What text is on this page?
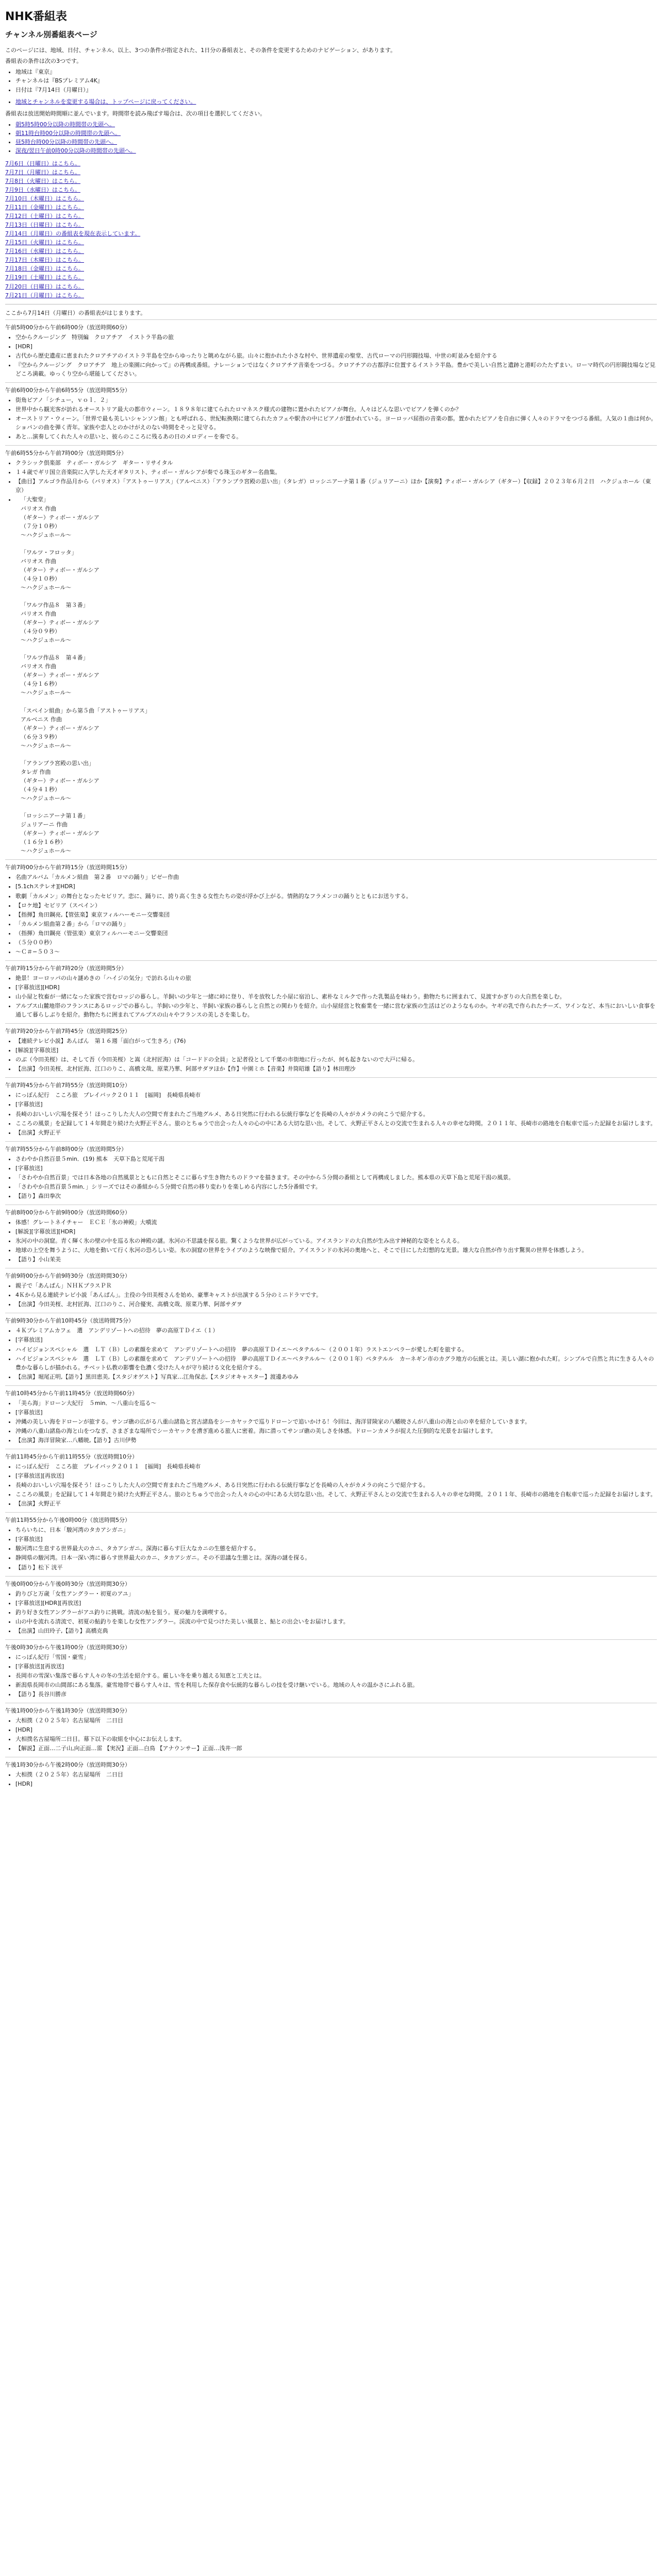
NHK番組表
チャンネル別番組表ページ

このページには、地域、日付、チャンネル、以上、3つの条件が指定された、1日分の番組表と、その条件を変更するためのナビゲーション、があります。

番組表の条件は次の3つです。

• 地域は『東京』
• チャンネルは『BSプレミアム4K』
• 日付は『7月14日（月曜日）』
• 地域とチャンネルを変更する場合は、トップページに戻ってください。

番組表は放送開始時間順に並んでいます。時間帯を読み飛ばす場合は、次の項目を選択してください。

• 朝5時5時00分以降の時間帯の先頭へ。
• 朝11時台時00分以降の時間帯の先頭へ。
• 昼5時台時00分以降の時間帯の先頭へ。
• 深夜/翌日午前0時00分以降の時間帯の先頭へ。
7月6日（日曜日）はこちら。
7月7日（月曜日）はこちら。
7月8日（火曜日）はこちら。
7月9日（水曜日）はこちら。
7月10日（木曜日）はこちら。
7月11日（金曜日）はこちら。
7月12日（土曜日）はこちら。
7月13日（日曜日）はこちら。
7月14日（月曜日）の番組表を現在表示しています。
7月15日（火曜日）はこちら。
7月16日（水曜日）はこちら。
7月17日（木曜日）はこちら。
7月18日（金曜日）はこちら。
7月19日（土曜日）はこちら。
7月20日（日曜日）はこちら。
7月21日（月曜日）はこちら。

ここから7月14日（月曜日）の番組表がはじまります。

午前5時00分から午前6時00分（放送時間60分）
• 空からクルージング　特別編　クロアチア　イストラ半島の旅
• [HDR]
• 古代から歴史遺産に恵まれたクロアチアのイストラ半島を空からゆったりと眺めながら旅。山々に抱かれた小さな村や、世界遺産の聖堂、古代ローマの円形闘技場、中世の町並みを紹介する
• 『空からクルージング　クロアチア　地上の楽園に向かって』の再構成番組。ナレーションではなくクロアチア音楽をつづる。クロアチアの古都浮に位置するイストラ半島。豊かで美しい自然と遺跡と港町のたたずまい。ローマ時代の円形闘技場など見どころ満載。ゆっくり空から堪能してください。
午前6時00分から午前6時55分（放送時間55分）
• 街角ピアノ「シチュー，ｖｏｌ．２」
• 世界中から観光客が訪れるオーストリア最大の都市ウィーン。１８９８年に建てられたロマネスク様式の建物に置かれたピアノが舞台。人々はどんな思いでピアノを弾くのか？
• オーストリア・ウィーン。「世界で最も美しいシャンソン館」とも呼ばれる、世紀転換期に建てられたカフェや駅舎の中にピアノが置かれている。ヨーロッパ屈指の音楽の都。置かれたピアノを自由に弾く人々のドラマをつづる番組。人気の１曲は何か。ショパンの曲を弾く青年。家族や恋人とのかけがえのない時間をそっと見守る。
• あと…演奏してくれた人々の思いと、彼らのこころに残るあの日のメロディーを奏でる。
午前6時55分から午前7時00分（放送時間5分）
• クラシック倶楽部　ティボー・ガルシア　ギター・リサイタル
• １４歳でギリ国立音楽院に入学した天才ギタリスト、ティボー・ガルシアが奏でる珠玉のギター名曲集。
• 【曲目】アルゴラ作品月から（バリオス）「アストゥーリアス」（アルベニス）「アランブラ宮殿の思い出」（タレガ）ロッシニアーナ第１番（ジュリアーニ）ほか【演奏】ティボー・ガルシア（ギター）【収録】２０２３年６月２日　ハクジュホール（東京）
• 「大聖堂」
バリオス 作曲
（ギター）ティボー・ガルシア
（７分１０秒）
〜ハクジュホール〜

「ワルツ・フロッタ」
バリオス 作曲
（ギター）ティボー・ガルシア
（４分１０秒）
〜ハクジュホール〜

「ワルツ作品８　第３番」
バリオス 作曲
（ギター）ティボー・ガルシア
（４分０９秒）
〜ハクジュホール〜

「ワルツ作品８　第４番」
バリオス 作曲
（ギター）ティボー・ガルシア
（４分１６秒）
〜ハクジュホール〜

「スペイン組曲」から第５曲「アストゥーリアス」
アルベニス 作曲
（ギター）ティボー・ガルシア
（６分３９秒）
〜ハクジュホール〜

「アランブラ宮殿の思い出」
タレガ 作曲
（ギター）ティボー・ガルシア
（４分４１秒）
〜ハクジュホール〜

「ロッシニアーナ第１番」
ジュリアーニ 作曲
（ギター）ティボー・ガルシア
（１６分１６秒）
〜ハクジュホール〜
午前7時00分から午前7時15分（放送時間15分）
• 名曲アルバム「カルメン組曲　第２番　ロマの踊り」ビゼー作曲
• [5.1chステレオ][HDR]
• 歌劇「カルメン」の舞台となったセビリア。恋に、踊りに、誇り高く生きる女性たちの姿が浮かび上がる。情熱的なフラメンコの踊りとともにお送りする。
• 【ロケ地】セビリア（スペイン）
• 【指揮】角田鋼亮,【管弦楽】東京フィルハーモニー交響楽団
• 「カルメン組曲第２番」から「ロマの踊り」
• （指揮）角田鋼亮（管弦楽）東京フィルハーモニー交響楽団
• （５分００秒）
• 〜Ｃ＃−５０３〜
午前7時15分から午前7時20分（放送時間5分）
• 絶景！ヨーロッパの山々謎めきの「ハイジの気分」で訪れる山々の旅
• [字幕放送][HDR]
• 山小屋と牧畜が一緒になった家族で営むロッジの暮らし。羊飼いの少年と一緒に峠に登り、羊を放牧した小屋に宿泊し、素朴なミルクで作った乳製品を味わう。動物たちに囲まれて、見渡すかぎりの大自然を楽しむ。
• アルプス山麓地帯のフランスにあるロッジでの暮らし。羊飼いの少年と、羊飼い家族の暮らしと自然との関わりを紹介。山小屋経営と牧畜業を一緒に営む家族の生活はどのようなものか。ヤギの乳で作られたチーズ、ワインなど、本当においしい食事を通して暮らしぶりを紹介。動物たちに囲まれてアルプスの山々やフランスの美しさを楽しむ。
午前7時20分から午前7時45分（放送時間25分）
• 【連続テレビ小説】あんぱん　第１６週「面白がって生きろ」(76)
• [解説][字幕放送]
• のぶ（今田美桜）は、そして吾（今田美桜）と嵩（北村匠海）は「コードドの全員」と記者役として千葉の市街地に行ったが、何も起きないので大戸に帰る。
• 【出演】今田美桜、北村匠海、江口のりこ、高橋文哉、原菜乃華、阿部サダヲほか【作】中園ミホ【音楽】井筒昭雄【語り】林田理沙
午前7時45分から午前7時55分（放送時間10分）
• にっぽん紀行　こころ旅　プレイバック２０１１　[福岡]　長崎県長崎市
• [字幕放送]
• 長崎のおいしい穴場を探そう！ほっこりした大人の空間で育まれたご当地グルメ、ある日突然に行われる伝統行事などを長崎の人々がカメラの向こうで紹介する。
• こころの風景」を記録して１４年間走り続けた火野正平さん。旅のとちゅうで出会った人々の心の中にある大切な思い出。そして、火野正平さんとの交流で生まれる人々の幸せな時間。２０１１年、長崎市の路地を自転車で巡った記録をお届けします。
• 【出演】火野正平
午前7時55分から午前8時00分（放送時間5分）
• さわやか自然百景５min．(19) 熊本　天草下島と荒尾干潟
• [字幕放送]
• 「さわやか自然百景」では日本各地の自然風景とともに自然とそこに暮らす生き物たちのドラマを描きます。その中から５分間の番組として再構成しました。熊本県の天草下島と荒尾干潟の風景。
• 「さわやか自然百景５min．」シリーズではその番組から５分間で自然の移り変わりを楽しめる内容にした5分番組です。
• 【語り】森田拳次
午前8時00分から午前9時00分（放送時間60分）
• 体感！グレートネイチャー　ＥＣＥ「氷の神殿」大噴流
• [解説][字幕放送][HDR]
• 氷河の中の洞窟。青く輝く氷の壁の中を巡る氷の神殿の謎。氷河の不思議を探る旅。驚くような世界が広がっている。アイスランドの大自然が生み出す神秘的な姿をとらえる。
• 地球の上空を舞うように、大地を動いて行く氷河の恐ろしい姿。氷の洞窟の世界をライブのような映像で紹介。アイスランドの氷河の奥地へと、そこで目にした幻想的な光景。雄大な自然が作り出す驚異の世界を体感しよう。
• 【語り】小山茉美
午前9時00分から午前9時30分（放送時間30分）
• 親子で「あんぱん」ＮＨＫプラスＰＲ
• 4Ｋから見る連続テレビ小説「あんぱん」。主役の今田美桜さんを始め、豪華キャストが出演する５分のミニドラマです。
• 【出演】今田美桜、北村匠海、江口のりこ、河合優実、高橋文哉、原菜乃華、阿部サダヲ
午前9時30分から午前10時45分（放送時間75分）
• ４Ｋプレミアムカフェ　選　アンデリゾートへの招待　夢の高原ＴＤイエ（１）
• [字幕放送]
• ハイビジョンスペシャル　選　ＬＴ（Ｂ）しの素顔を求めて　アンデリゾートへの招待　夢の高原ＴＤイエ〜ペタテルル〜（２００１年）ラストエンペラーが愛した町を旅する。
• ハイビジョンスペシャル　選　ＬＴ（Ｂ）しの素顔を求めて　アンデリゾートへの招待　夢の高原ＴＤイエ〜ペタテルル〜（２００１年）ペタテルル　カーネギン市のカグラ地方の伝統とは。美しい湖に抱かれた町。シンプルで自然と共に生きる人々の豊かな暮らしが描かれる。チベット仏教の影響を色濃く受けた人々が守り続ける文化を紹介する。
• 【出演】堀尾正明,【語り】黒田恵美,【スタジオゲスト】写真家…江角保志,【スタジオキャスター】渡邊あゆみ
午前10時45分から午前11時45分（放送時間60分）
• 「美ら海」ドローン大紀行　５min．〜八重山を巡る〜
• [字幕放送]
• 沖縄の美しい海をドローンが旅する。サンゴ礁の広がる八重山諸島と宮古諸島をシーカヤックで巡りドローンで追いかける！今回は、海洋冒険家の八幡暁さんが八重山の海と山の幸を紹介していきます。
• 沖縄の八重山諸島の海と山をつなぎ、さまざまな場所でシーカヤックを漕ぎ進める旅人に密着。海に潜ってサンゴ礁の美しさを体感。ドローンカメラが捉えた圧倒的な光景をお届けします。
• 【出演】海洋冒険家…八幡暁,【語り】古川伊勢
午前11時45分から午前11時55分（放送時間10分）
• にっぽん紀行　こころ旅　プレイバック２０１１　[福岡]　長崎県長崎市
• [字幕放送][再放送]
• 長崎のおいしい穴場を探そう！ほっこりした大人の空間で育まれたご当地グルメ、ある日突然に行われる伝統行事などを長崎の人々がカメラの向こうで紹介する。
• こころの風景」を記録して１４年間走り続けた火野正平さん。旅のとちゅうで出会った人々の心の中にある大切な思い出。そして、火野正平さんとの交流で生まれる人々の幸せな時間。２０１１年、長崎市の路地を自転車で巡った記録をお届けします。
• 【出演】火野正平
午前11時55分から午後0時00分（放送時間5分）
• ちらいちに、日本「駿河湾のタカアシガニ」
• [字幕放送]
• 駿河湾に生息する世界最大のカニ、タカアシガニ。深海に暮らす巨大なカニの生態を紹介する。
• 静岡県の駿河湾。日本一深い湾に暮らす世界最大のカニ、タカアシガニ。その不思議な生態とは。深海の謎を探る。
• 【語り】松下 洸平
午後0時00分から午後0時30分（放送時間30分）
• 釣りびと万歳「女性アングラー・初夏のアユ」
• [字幕放送][HDR][再放送]
• 釣り好き女性アングラーがアユ釣りに挑戦。清流の鮎を狙う。夏の魅力を満喫する。
• 山の中を流れる清流で、初夏の鮎釣りを楽しむ女性アングラー。渓流の中で見つけた美しい風景と、鮎との出会いをお届けします。
• 【出演】山田玲子,【語り】高橋克典
午後0時30分から午後1時00分（放送時間30分）
• にっぽん紀行「雪国・豪雪」
• [字幕放送][再放送]
• 長岡市の雪深い集落で暮らす人々の冬の生活を紹介する。厳しい冬を乗り越える知恵と工夫とは。
• 新潟県長岡市の山間部にある集落。豪雪地帯で暮らす人々は、雪を利用した保存食や伝統的な暮らしの技を受け継いでいる。地域の人々の温かさにふれる旅。
• 【語り】長谷川勝彦
午後1時00分から午後1時30分（放送時間30分）
• 大相撲（２０２５年）名古屋場所　二日目
• [HDR]
• 大相撲名古屋場所二日目。幕下以下の取組を中心にお伝えします。
• 【解説】正面…二子山,向正面…雷 【実況】正面…白鳥 【アナウンサー】正面…浅井一郎
午後1時30分から午後2時00分（放送時間30分）
• 大相撲（２０２５年）名古屋場所　二日目
• [HDR]
